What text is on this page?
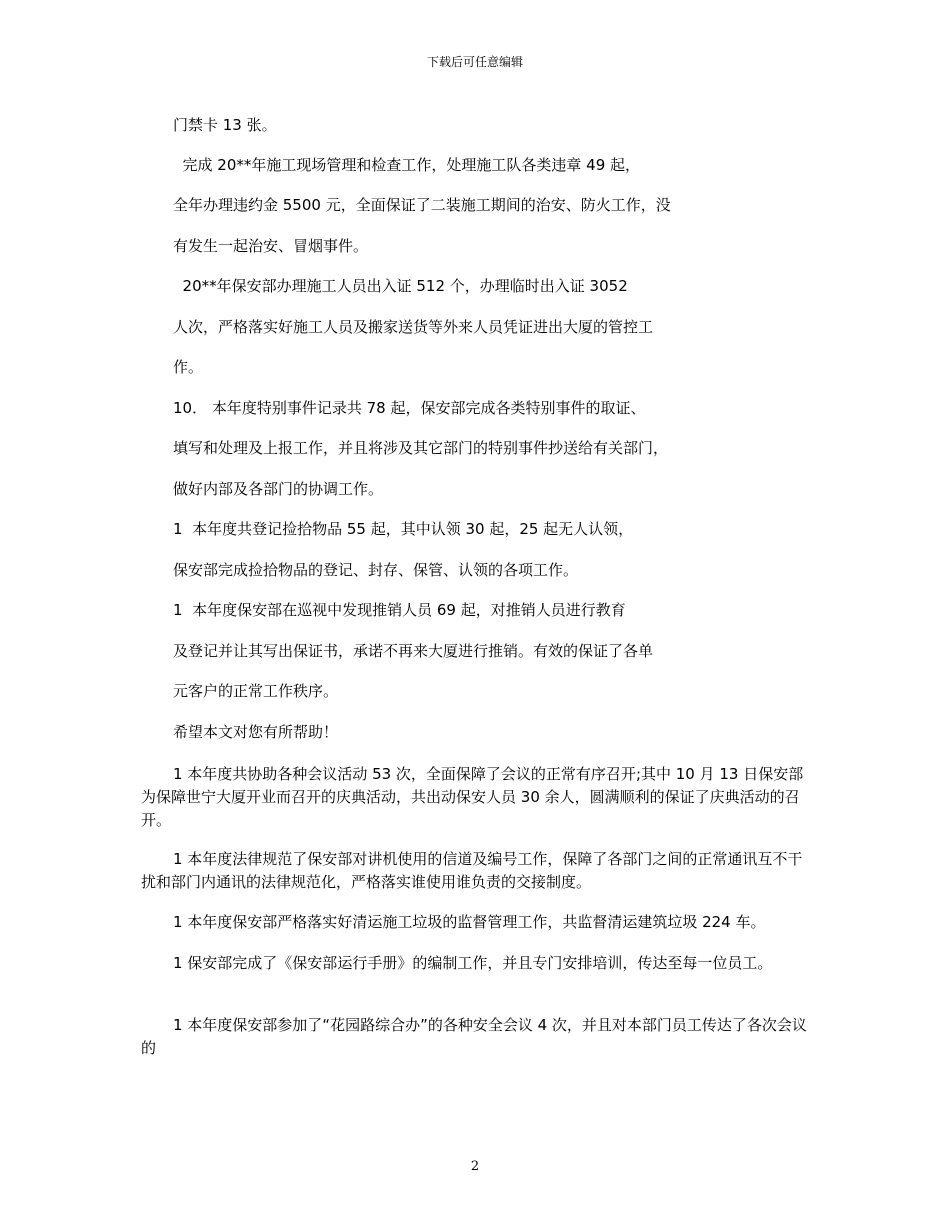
下载后可任意编辑
门禁卡 13 张。
完成 20**年施工现场管理和检查工作，处理施工队各类违章 49 起，
全年办理违约金 5500 元，全面保证了二装施工期间的治安、防火工作，没
有发生一起治安、冒烟事件。
20**年保安部办理施工人员出入证 512 个，办理临时出入证 3052
人次，严格落实好施工人员及搬家送货等外来人员凭证进出大厦的管控工
作。
10． 本年度特别事件记录共 78 起，保安部完成各类特别事件的取证、
填写和处理及上报工作，并且将涉及其它部门的特别事件抄送给有关部门，
做好内部及各部门的协调工作。
1  本年度共登记捡拾物品 55 起，其中认领 30 起，25 起无人认领，
保安部完成捡拾物品的登记、封存、保管、认领的各项工作。
1  本年度保安部在巡视中发现推销人员 69 起，对推销人员进行教育
及登记并让其写出保证书，承诺不再来大厦进行推销。有效的保证了各单
元客户的正常工作秩序。
希望本文对您有所帮助！
1 本年度共协助各种会议活动 53 次，全面保障了会议的正常有序召开;其中 10 月 13 日保安部为保障世宁大厦开业而召开的庆典活动，共出动保安人员 30 余人，圆满顺利的保证了庆典活动的召开。
1 本年度法律规范了保安部对讲机使用的信道及编号工作，保障了各部门之间的正常通讯互不干扰和部门内通讯的法律规范化，严格落实谁使用谁负责的交接制度。
1 本年度保安部严格落实好清运施工垃圾的监督管理工作，共监督清运建筑垃圾 224 车。
1 保安部完成了《保安部运行手册》的编制工作，并且专门安排培训，传达至每一位员工。
1 本年度保安部参加了“花园路综合办”的各种安全会议 4 次，并且对本部门员工传达了各次会议的
2
